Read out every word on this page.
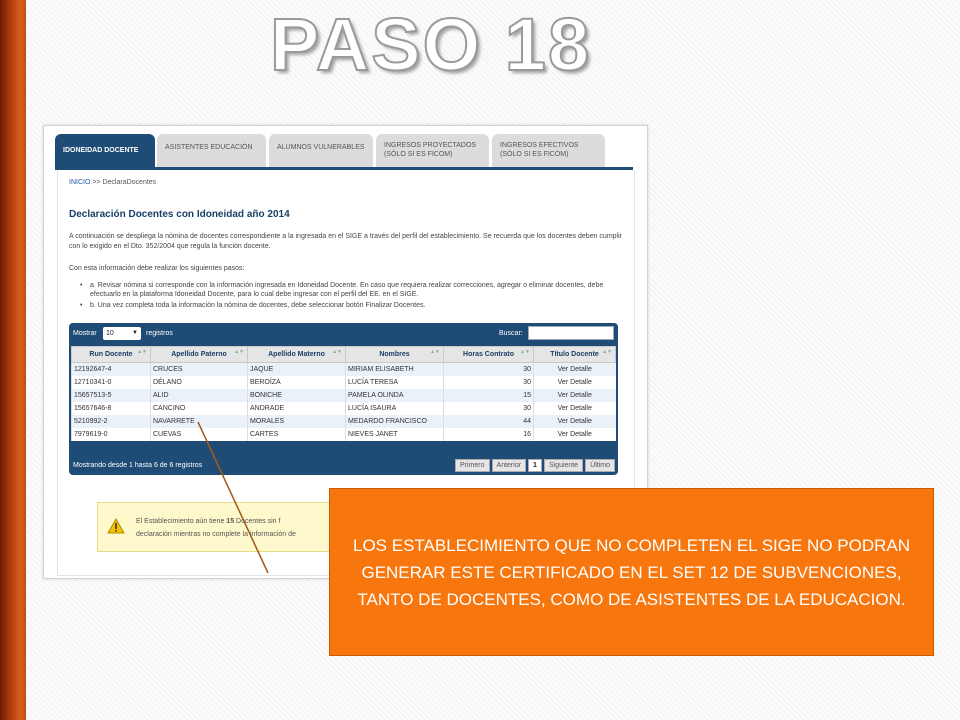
PASO 18
IDONEIDAD DOCENTE	ASISTENTES EDUCACIÓN	ALUMNOS VULNERABLES	INGRESOS PROYECTADOS
(SÓLO SI ES FICOM)
INGRESOS EFECTIVOS
(SÓLO SI ES FICOM)
INICIO >> DeclaraDocentes
Declaración Docentes con Idoneidad año 2014

A continuación se despliega la nómina de docentes correspondiente a la ingresada en el SIGE a través del perfil del establecimiento. Se recuerda que los docentes deben cumplir con lo exigido en el Dto. 352/2004 que regula la función docente.

Con esta información debe realizar los siguientes pasos:

• a. Revisar nómina si corresponde con la información ingresada en Idoneidad Docente. En caso que requiera realizar correcciones, agregar o eliminar docentes, debe efectuarlo en la plataforma Idoneidad Docente, para lo cual debe ingresar con el perfil del EE. en el SIGE.
• b. Una vez completa toda la información la nómina de docentes, debe seleccionar botón Finalizar Docentes.
Mostrar	10	▼ registros	Buscar:
Run Docente ▲▼	Apellido Paterno ▲▼	Apellido Materno ▲▼	Nombres ▲▼	Horas Contrato ▲▼	Título Docente ▲▼

12192647-4	CRUCES	JAQUE	MIRIAM ELISABETH	30	Ver Detalle
12710341-0	DÉLANO	BEROÍZA	LUCÍA TERESA	30	Ver Detalle
15657513-5	ALID	BONICHE	PAMELA OLINDA	15	Ver Detalle
15657646-8	CANCINO	ANDRADE	LUCÍA ISAURA	30	Ver Detalle
5210992-2	NAVARRETE	MORALES	MEDARDO FRANCISCO	44	Ver Detalle
7979619-0	CUEVAS	CARTES	NIEVES JANET	16	Ver Detalle
Mostrando desde 1 hasta 6 de 6 registros	Primero	Anterior	1	Siguiente	Último
El Establecimiento aún tiene 15 Docentes sin f
declaración mientras no complete la información de
LOS ESTABLECIMIENTO QUE NO COMPLETEN EL SIGE NO PODRAN GENERAR ESTE CERTIFICADO EN EL SET 12 DE SUBVENCIONES, TANTO DE DOCENTES, COMO DE ASISTENTES DE LA EDUCACION.
